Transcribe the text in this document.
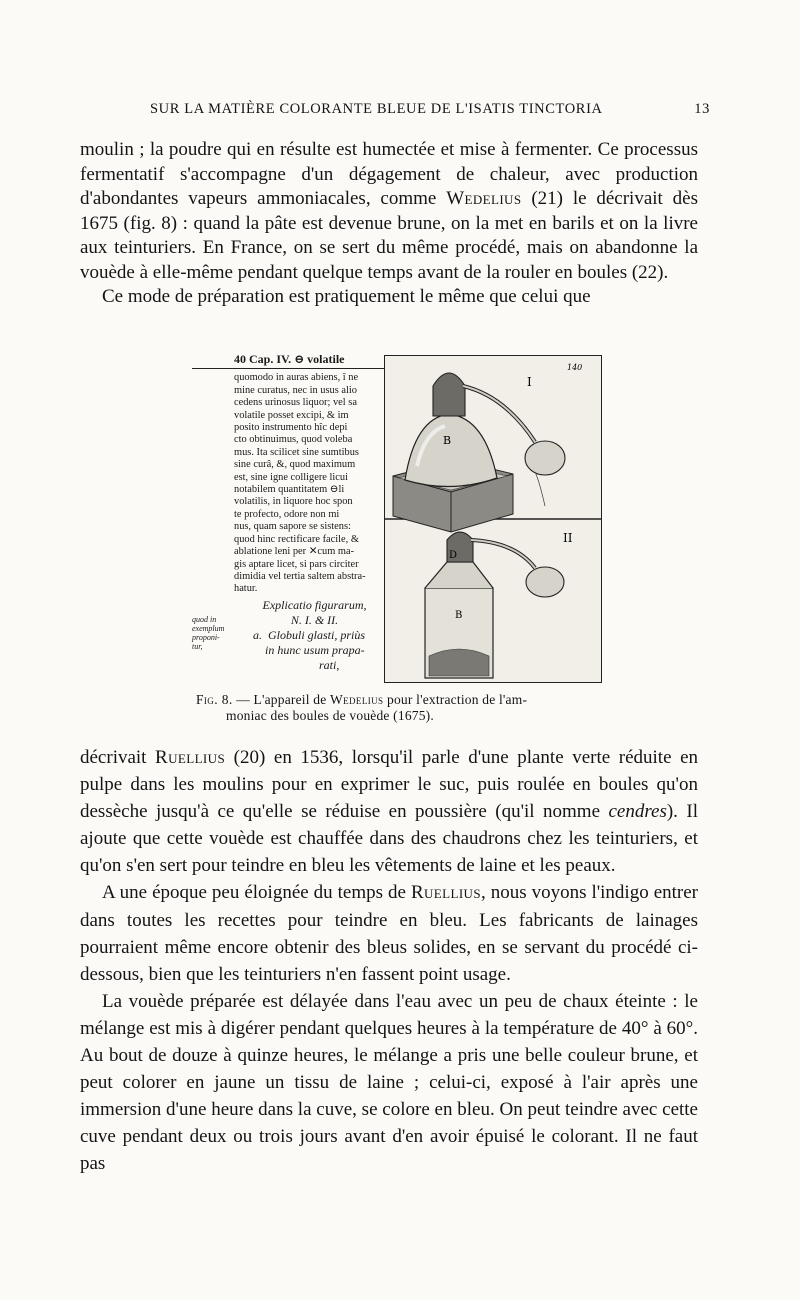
SUR LA MATIÈRE COLORANTE BLEUE DE L'ISATIS TINCTORIA	13

moulin ; la poudre qui en résulte est humectée et mise à fermenter. Ce processus fermentatif s'accompagne d'un dégagement de chaleur, avec production d'abondantes vapeurs ammoniacales, comme Wedelius (21) le décrivait dès 1675 (fig. 8) : quand la pâte est devenue brune, on la met en barils et on la livre aux teinturiers. En France, on se sert du même procédé, mais on abandonne la vouède à elle-même pendant quelque temps avant de la rouler en boules (22).

Ce mode de préparation est pratiquement le même que celui que

40 Cap. IV. ⊖ volatile
quomodo in auras abiens, î ne
mine curatus, nec in usus alio
cedens urinosus liquor; vel sa
volatile posset excipi, & im
posito instrumento hîc depi
cto obtinuimus, quod voleba
mus. Ita scilicet sine sumtibus
sine curâ, &, quod maximum
est, sine igne colligere licui
notabilem quantitatem ⊖li
volatilis, in liquore hoc spon
te profecto, odore non mi
nus, quam sapore se sistens:
quod hinc rectificare facile, &
ablatione leni per ✕cum ma-
gis aptare licet, si pars circiter
dimidia vel tertia saltem abstra-
hatur.
Explicatio figurarum,
N. I. & II.
a.  Globuli glasti, priùs
in hunc usum prapa-
rati,
quod in exemplum proponi-tur,
B
I
140
D
B
II
Fig. 8. — L'appareil de Wedelius pour l'extraction de l'am-
moniac des boules de vouède (1675).

décrivait Ruellius (20) en 1536, lorsqu'il parle d'une plante verte réduite en pulpe dans les moulins pour en exprimer le suc, puis roulée en boules qu'on dessèche jusqu'à ce qu'elle se réduise en poussière (qu'il nomme cendres). Il ajoute que cette vouède est chauffée dans des chaudrons chez les teinturiers, et qu'on s'en sert pour teindre en bleu les vêtements de laine et les peaux.

A une époque peu éloignée du temps de Ruellius, nous voyons l'indigo entrer dans toutes les recettes pour teindre en bleu. Les fabricants de lainages pourraient même encore obtenir des bleus solides, en se servant du procédé ci-dessous, bien que les teinturiers n'en fassent point usage.

La vouède préparée est délayée dans l'eau avec un peu de chaux éteinte : le mélange est mis à digérer pendant quelques heures à la température de 40° à 60°. Au bout de douze à quinze heures, le mélange a pris une belle couleur brune, et peut colorer en jaune un tissu de laine ; celui-ci, exposé à l'air après une immersion d'une heure dans la cuve, se colore en bleu. On peut teindre avec cette cuve pendant deux ou trois jours avant d'en avoir épuisé le colorant. Il ne faut pas
